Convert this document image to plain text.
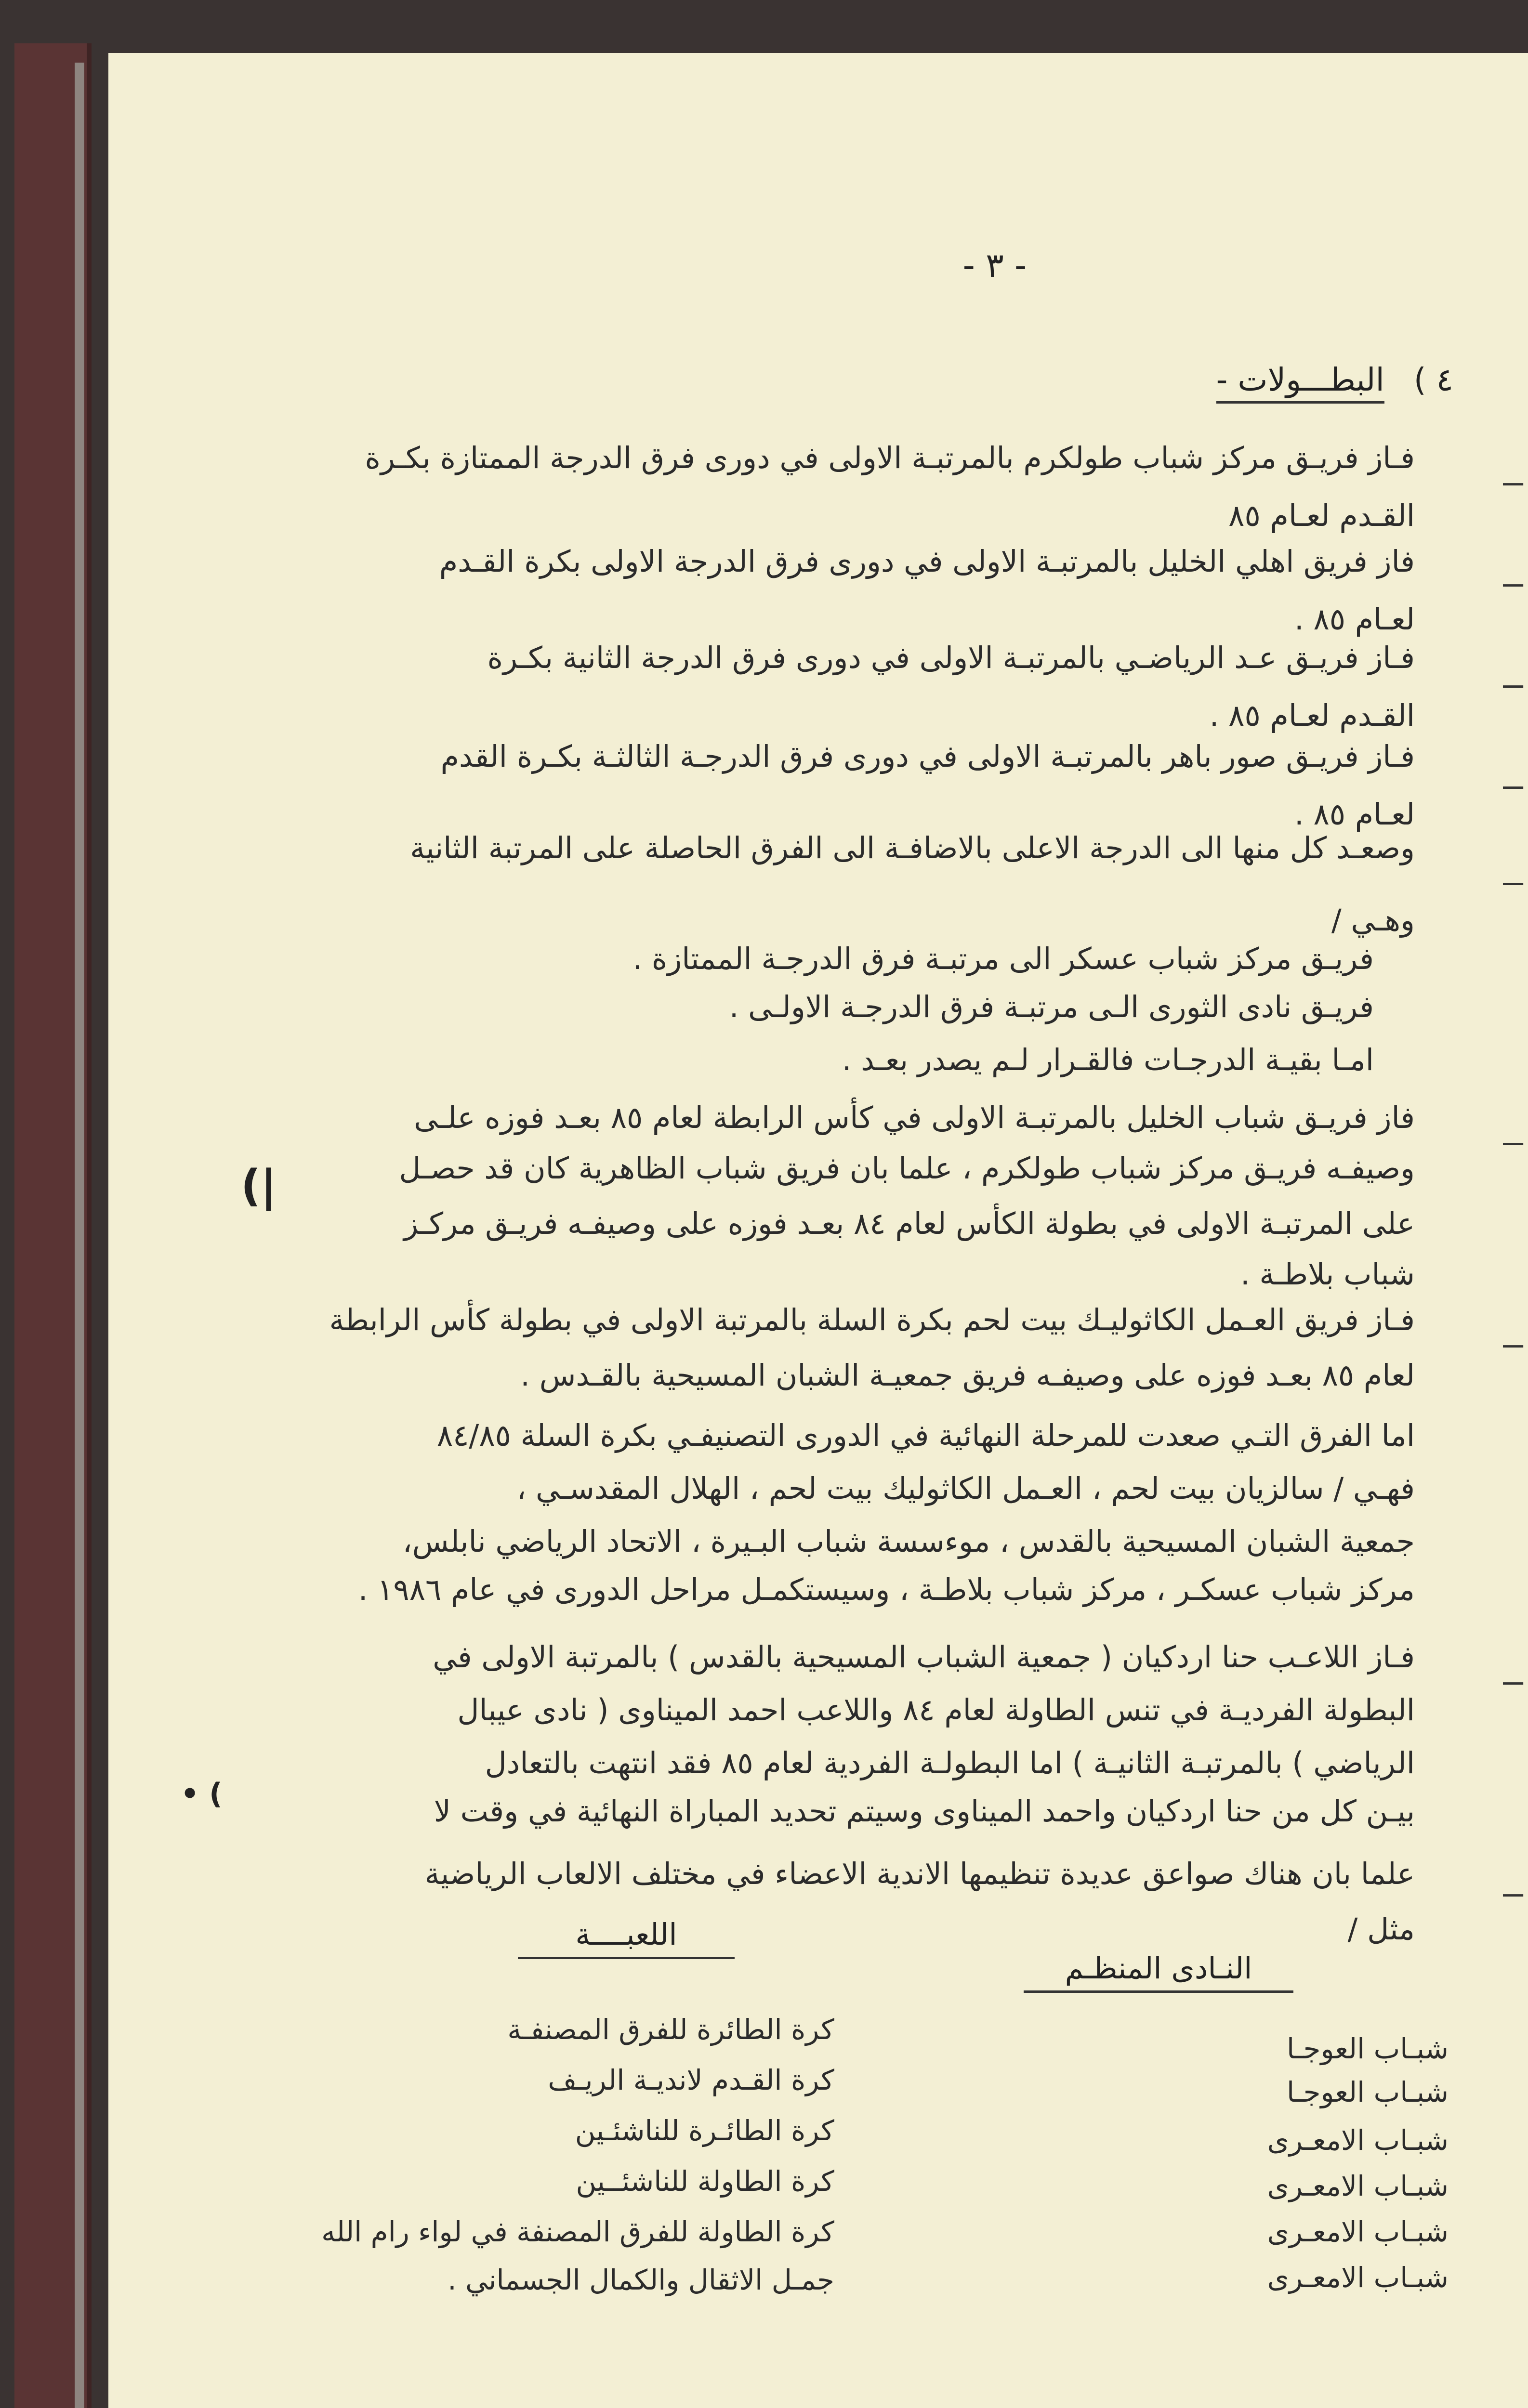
- ٣ -
٤ ) البطـــولات -
–
–
–
–
–
–
–
–
–
(|
• (
فـاز فريـق مركز شباب طولكرم بالمرتبـة الاولى في دورى فرق الدرجة الممتازة بكـرة
القـدم لعـام ٨٥
فاز فريق اهلي الخليل بالمرتبـة الاولى في دورى فرق الدرجة الاولى بكرة القـدم
لعـام ٨٥ .
فـاز فريـق عـد الرياضـي بالمرتبـة الاولى في دورى فرق الدرجة الثانية بكـرة
القـدم لعـام ٨٥ .
فـاز فريـق صور باهر بالمرتبـة الاولى في دورى فرق الدرجـة الثالثـة بكـرة القدم
لعـام ٨٥ .
وصعـد كل منها الى الدرجة الاعلى بالاضافـة الى الفرق الحاصلة على المرتبة الثانية
وهـي /
فريـق مركز شباب عسكر الى مرتبـة فرق الدرجـة الممتازة .
فريـق نادى الثورى الـى مرتبـة فرق الدرجـة الاولـى .
امـا بقيـة الدرجـات فالقـرار لـم يصدر بعـد .
فاز فريـق شباب الخليل بالمرتبـة الاولى في كأس الرابطة لعام ٨٥ بعـد فوزه علـى
وصيفـه فريـق مركز شباب طولكرم ، علما بان فريق شباب الظاهرية كان قد حصـل
على المرتبـة الاولى في بطولة الكأس لعام ٨٤ بعـد فوزه على وصيفـه فريـق مركـز
شباب بلاطـة .
فـاز فريق العـمل الكاثوليـك بيت لحم بكرة السلة بالمرتبة الاولى في بطولة كأس الرابطة
لعام ٨٥ بعـد فوزه على وصيفـه فريق جمعيـة الشبان المسيحية بالقـدس .
اما الفرق التـي صعدت للمرحلة النهائية في الدورى التصنيفـي بكرة السلة ٨٤/٨٥
فهـي / سالزيان بيت لحم ، العـمل الكاثوليك بيت لحم ، الهلال المقدسـي ،
جمعية الشبان المسيحية بالقدس ، موءسسة شباب البـيرة ، الاتحاد الرياضي نابلس،
مركز شباب عسكـر ، مركز شباب بلاطـة ، وسيستكمـل مراحل الدورى في عام ١٩٨٦ .
فـاز اللاعـب حنا اردكيان ( جمعية الشباب المسيحية بالقدس ) بالمرتبة الاولى في
البطولة الفرديـة في تنس الطاولة لعام ٨٤ واللاعب احمد الميناوى ( نادى عيبال
الرياضي ) بالمرتبـة الثانيـة ) اما البطولـة الفردية لعام ٨٥ فقد انتهت بالتعادل
بيـن كل من حنا اردكيان واحمد الميناوى وسيتم تحديد المباراة النهائية في وقت لا
علما بان هناك صواعق عديدة تنظيمها الاندية الاعضاء في مختلف الالعاب الرياضية
مثل /
النـادى المنظـم
اللعبــــة
شبـاب العوجـا
شبـاب العوجـا
شبـاب الامعـرى
شبـاب الامعـرى
شبـاب الامعـرى
شبـاب الامعـرى
كرة الطائرة للفرق المصنفـة
كرة القـدم لانديـة الريـف
كرة الطائـرة للناشئـين
كرة الطاولة للناشئــين
كرة الطاولة للفرق المصنفة في لواء رام الله
جمـل الاثقال والكمال الجسماني .
